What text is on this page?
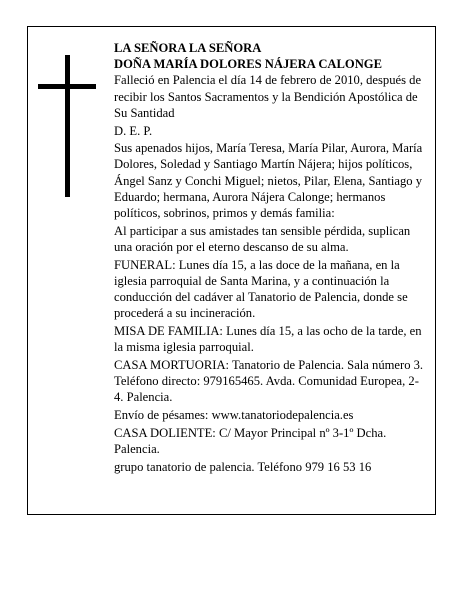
LA SEÑORA LA SEÑORA
DOÑA MARÍA DOLORES NÁJERA CALONGE

Falleció en Palencia el día 14 de febrero de 2010, después de recibir los Santos Sacramentos y la Bendición Apostólica de Su Santidad

D. E. P.

Sus apenados hijos, María Teresa, María Pilar, Aurora, María Dolores, Soledad y Santiago Martín Nájera; hijos políticos, Ángel Sanz y Conchi Miguel; nietos, Pilar, Elena, Santiago y Eduardo; hermana, Aurora Nájera Calonge; hermanos políticos, sobrinos, primos y demás familia:

Al participar a sus amistades tan sensible pérdida, suplican una oración por el eterno descanso de su alma.

FUNERAL: Lunes día 15, a las doce de la mañana, en la iglesia parroquial de Santa Marina, y a continuación la conducción del cadáver al Tanatorio de Palencia, donde se procederá a su incineración.

MISA DE FAMILIA: Lunes día 15, a las ocho de la tarde, en la misma iglesia parroquial.

CASA MORTUORIA: Tanatorio de Palencia. Sala número 3. Teléfono directo: 979165465. Avda. Comunidad Europea, 2-4. Palencia.

Envío de pésames: www.tanatoriodepalencia.es

CASA DOLIENTE: C/ Mayor Principal nº 3-1º Dcha. Palencia.

grupo tanatorio de palencia. Teléfono 979 16 53 16
